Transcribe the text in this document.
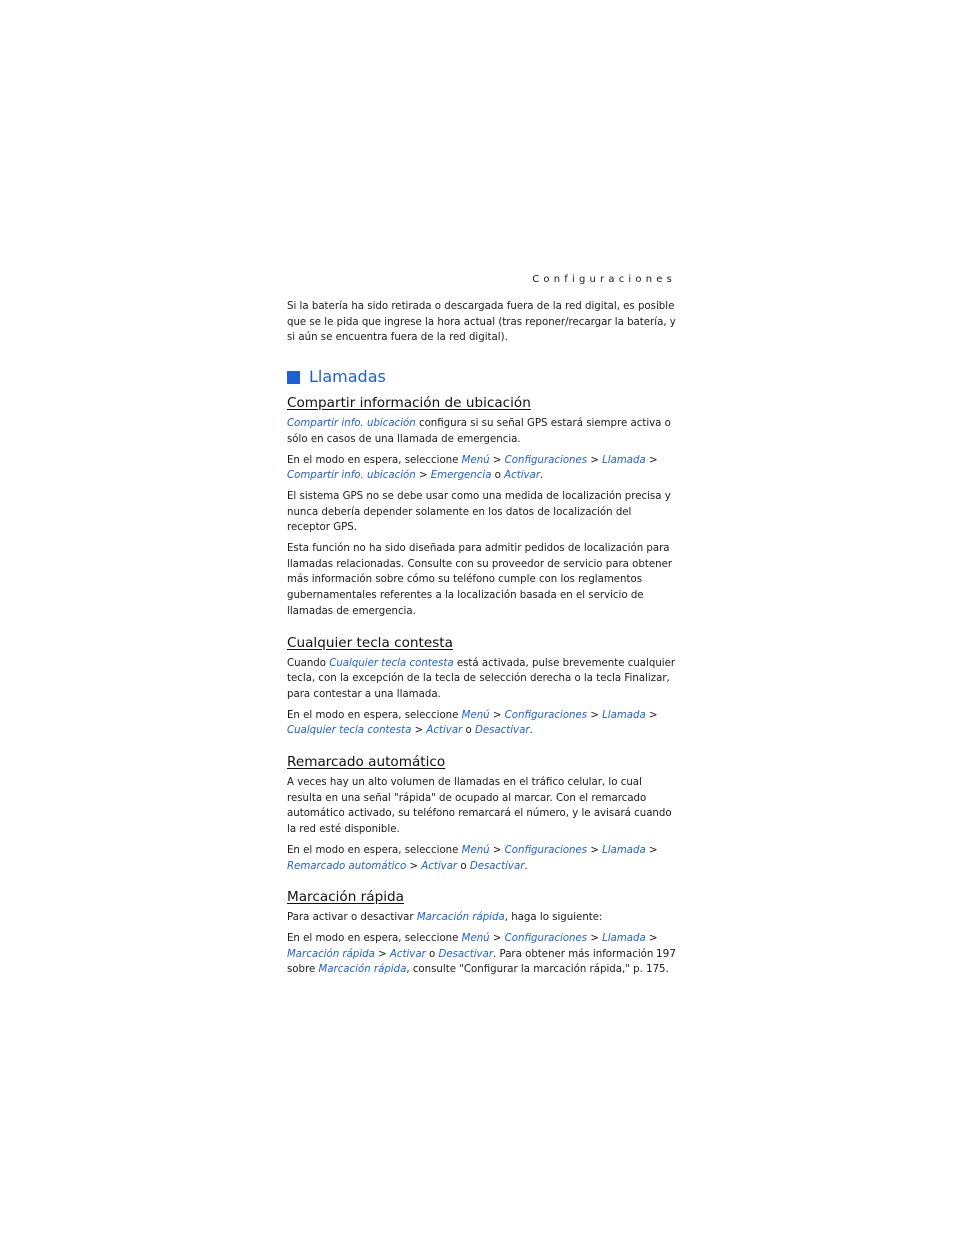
Configuraciones

Si la batería ha sido retirada o descargada fuera de la red digital, es posible que se le pida que ingrese la hora actual (tras reponer/recargar la batería, y si aún se encuentra fuera de la red digital).

Llamadas
Compartir información de ubicación

Compartir info. ubicación configura si su señal GPS estará siempre activa o sólo en casos de una llamada de emergencia.

En el modo en espera, seleccione Menú > Configuraciones > Llamada > Compartir info. ubicación > Emergencia o Activar.

El sistema GPS no se debe usar como una medida de localización precisa y nunca debería depender solamente en los datos de localización del receptor GPS.

Esta función no ha sido diseñada para admitir pedidos de localización para llamadas relacionadas. Consulte con su proveedor de servicio para obtener más información sobre cómo su teléfono cumple con los reglamentos gubernamentales referentes a la localización basada en el servicio de llamadas de emergencia.

Cualquier tecla contesta

Cuando Cualquier tecla contesta está activada, pulse brevemente cualquier tecla, con la excepción de la tecla de selección derecha o la tecla Finalizar, para contestar a una llamada.

En el modo en espera, seleccione Menú > Configuraciones > Llamada > Cualquier tecla contesta > Activar o Desactivar.

Remarcado automático

A veces hay un alto volumen de llamadas en el tráfico celular, lo cual resulta en una señal "rápida" de ocupado al marcar. Con el remarcado automático activado, su teléfono remarcará el número, y le avisará cuando la red esté disponible.

En el modo en espera, seleccione Menú > Configuraciones > Llamada > Remarcado automático > Activar o Desactivar.

Marcación rápida

Para activar o desactivar Marcación rápida, haga lo siguiente:

En el modo en espera, seleccione Menú > Configuraciones > Llamada > Marcación rápida > Activar o Desactivar. Para obtener más información sobre Marcación rápida, consulte "Configurar la marcación rápida," p. 175.

197
